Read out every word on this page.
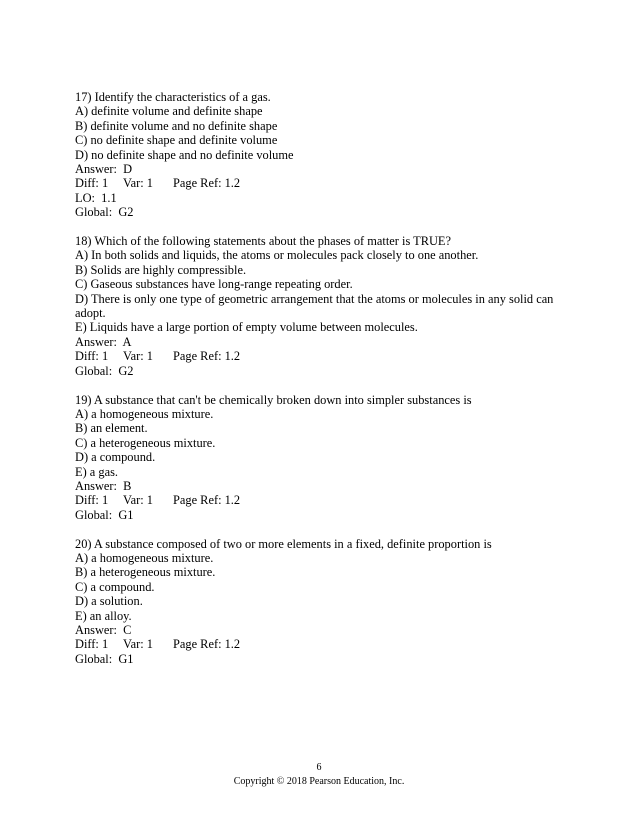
17) Identify the characteristics of a gas.
A) definite volume and definite shape
B) definite volume and no definite shape
C) no definite shape and definite volume
D) no definite shape and no definite volume
Answer:  D
Diff: 1 Var: 1 Page Ref: 1.2
LO:  1.1
Global:  G2
18) Which of the following statements about the phases of matter is TRUE?
A) In both solids and liquids, the atoms or molecules pack closely to one another.
B) Solids are highly compressible.
C) Gaseous substances have long-range repeating order.
D) There is only one type of geometric arrangement that the atoms or molecules in any solid can adopt.
E) Liquids have a large portion of empty volume between molecules.
Answer:  A
Diff: 1 Var: 1 Page Ref: 1.2
Global:  G2
19) A substance that can't be chemically broken down into simpler substances is
A) a homogeneous mixture.
B) an element.
C) a heterogeneous mixture.
D) a compound.
E) a gas.
Answer:  B
Diff: 1 Var: 1 Page Ref: 1.2
Global:  G1
20) A substance composed of two or more elements in a fixed, definite proportion is
A) a homogeneous mixture.
B) a heterogeneous mixture.
C) a compound.
D) a solution.
E) an alloy.
Answer:  C
Diff: 1 Var: 1 Page Ref: 1.2
Global:  G1
6
Copyright © 2018 Pearson Education, Inc.
